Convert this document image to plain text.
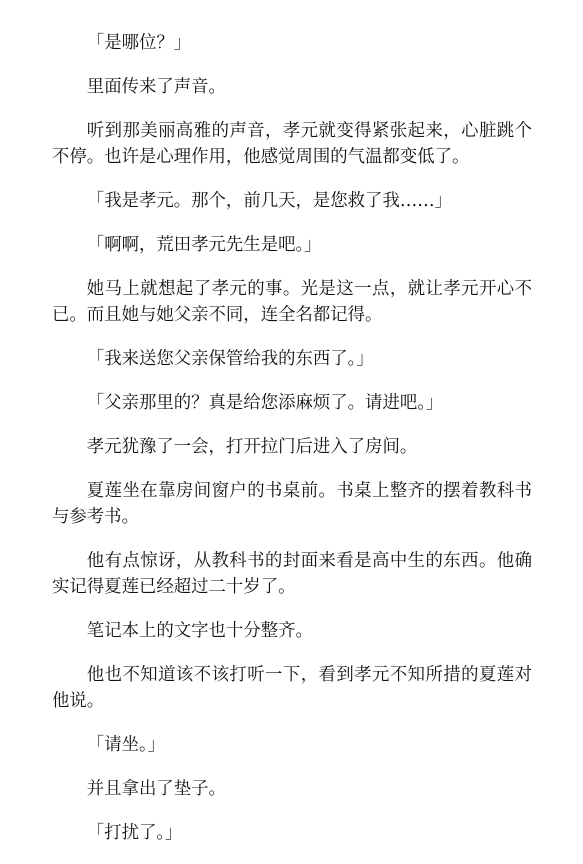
「是哪位？」

里面传来了声音。

听到那美丽高雅的声音，孝元就变得紧张起来，心脏跳个不停。也许是心理作用，他感觉周围的气温都变低了。

「我是孝元。那个，前几天，是您救了我……」

「啊啊，荒田孝元先生是吧。」

她马上就想起了孝元的事。光是这一点，就让孝元开心不已。而且她与她父亲不同，连全名都记得。

「我来送您父亲保管给我的东西了。」

「父亲那里的？真是给您添麻烦了。请进吧。」

孝元犹豫了一会，打开拉门后进入了房间。

夏莲坐在靠房间窗户的书桌前。书桌上整齐的摆着教科书与参考书。

他有点惊讶，从教科书的封面来看是高中生的东西。他确实记得夏莲已经超过二十岁了。

笔记本上的文字也十分整齐。

他也不知道该不该打听一下，看到孝元不知所措的夏莲对他说。

「请坐。」

并且拿出了垫子。

「打扰了。」
